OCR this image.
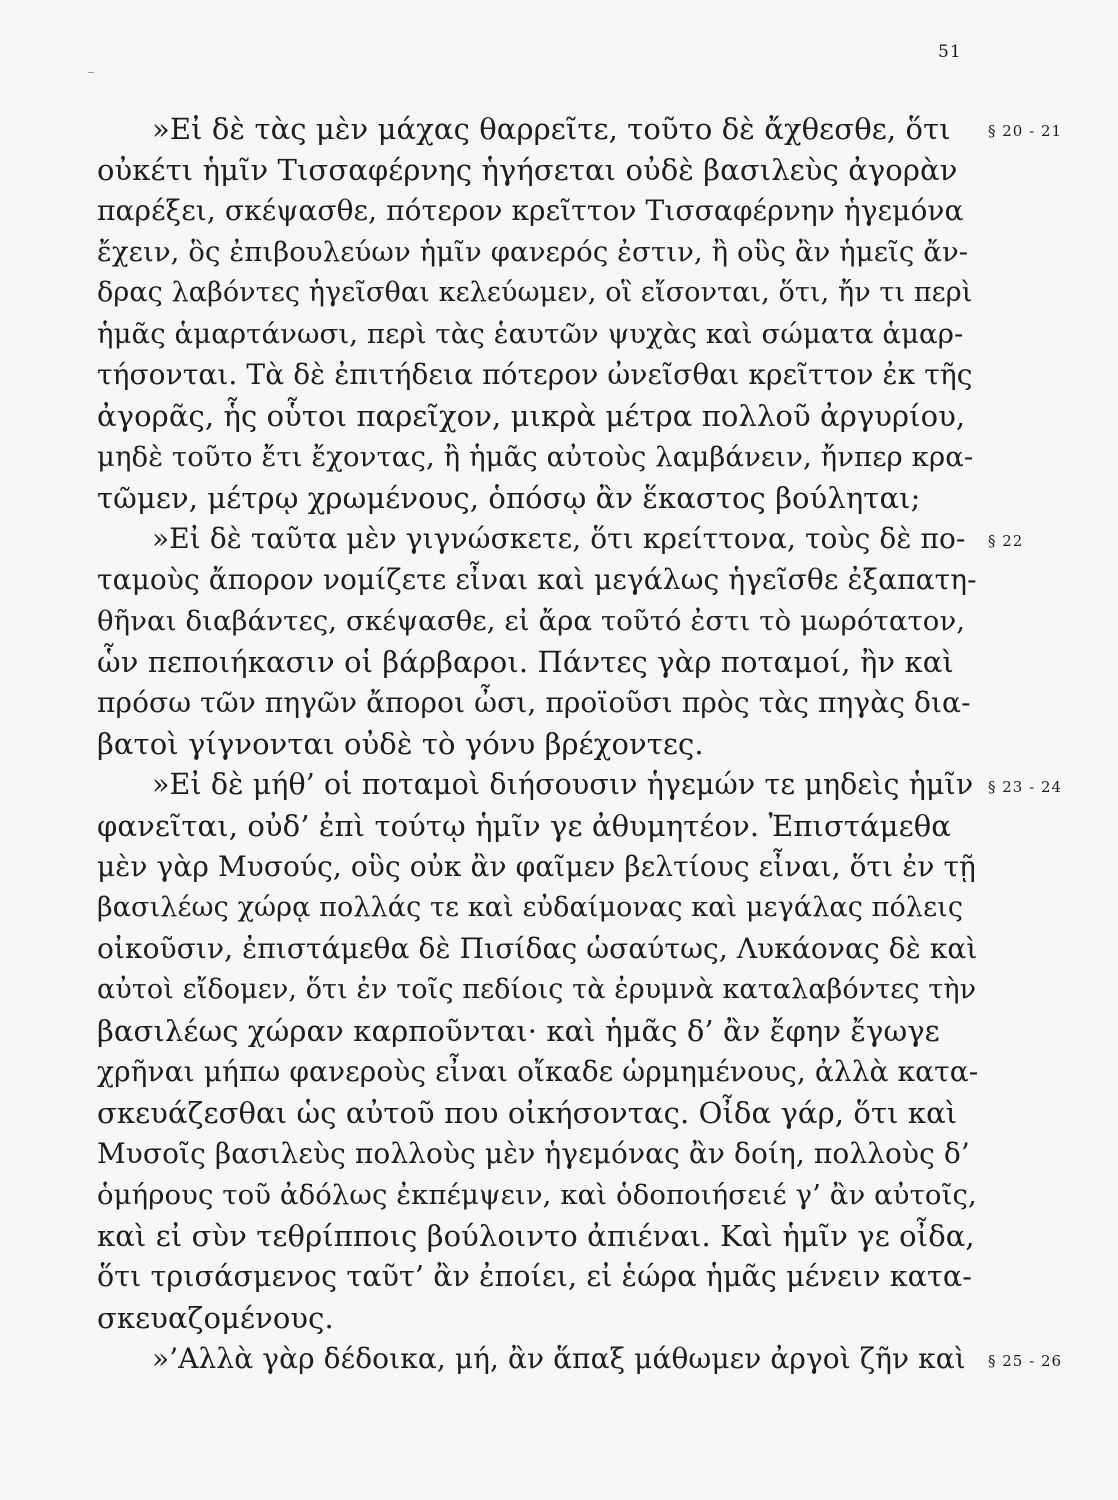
51
»Εἰ δὲ τὰς μὲν μάχας θαρρεῖτε, τοῦτο δὲ ἄχθεσθε, ὅτι
οὐκέτι ἡμῖν Τισσαφέρνης ἡγήσεται οὐδὲ βασιλεὺς ἀγορὰν
παρέξει, σκέψασθε, πότερον κρεῖττον Τισσαφέρνην ἡγεμόνα
ἔχειν, ὃς ἐπιβουλεύων ἡμῖν φανερός ἐστιν, ἢ οὓς ἂν ἡμεῖς ἄν-
δρας λαβόντες ἡγεῖσθαι κελεύωμεν, οἳ εἴσονται, ὅτι, ἤν τι περὶ
ἡμᾶς ἁμαρτάνωσι, περὶ τὰς ἑαυτῶν ψυχὰς καὶ σώματα ἁμαρ-
τήσονται. Τὰ δὲ ἐπιτήδεια πότερον ὠνεῖσθαι κρεῖττον ἐκ τῆς
ἀγορᾶς, ἧς οὗτοι παρεῖχον, μικρὰ μέτρα πολλοῦ ἀργυρίου,
μηδὲ τοῦτο ἔτι ἔχοντας, ἢ ἡμᾶς αὐτοὺς λαμβάνειν, ἤνπερ κρα-
τῶμεν, μέτρῳ χρωμένους, ὁπόσῳ ἂν ἕκαστος βούληται;
»Εἰ δὲ ταῦτα μὲν γιγνώσκετε, ὅτι κρείττονα, τοὺς δὲ πο-
ταμοὺς ἄπορον νομίζετε εἶναι καὶ μεγάλως ἡγεῖσθε ἐξαπατη-
θῆναι διαβάντες, σκέψασθε, εἰ ἄρα τοῦτό ἐστι τὸ μωρότατον,
ὧν πεποιήκασιν οἱ βάρβαροι. Πάντες γὰρ ποταμοί, ἢν καὶ
πρόσω τῶν πηγῶν ἄποροι ὦσι, προϊοῦσι πρὸς τὰς πηγὰς δια-
βατοὶ γίγνονται οὐδὲ τὸ γόνυ βρέχοντες.
»Εἰ δὲ μήθ’ οἱ ποταμοὶ διήσουσιν ἡγεμών τε μηδεὶς ἡμῖν
φανεῖται, οὐδ’ ἐπὶ τούτῳ ἡμῖν γε ἀθυμητέον. Ἐπιστάμεθα
μὲν γὰρ Μυσούς, οὓς οὐκ ἂν φαῖμεν βελτίους εἶναι, ὅτι ἐν τῇ
βασιλέως χώρᾳ πολλάς τε καὶ εὐδαίμονας καὶ μεγάλας πόλεις
οἰκοῦσιν, ἐπιστάμεθα δὲ Πισίδας ὡσαύτως, Λυκάονας δὲ καὶ
αὐτοὶ εἴδομεν, ὅτι ἐν τοῖς πεδίοις τὰ ἐρυμνὰ καταλαβόντες τὴν
βασιλέως χώραν καρποῦνται· καὶ ἡμᾶς δ’ ἂν ἔφην ἔγωγε
χρῆναι μήπω φανεροὺς εἶναι οἴκαδε ὡρμημένους, ἀλλὰ κατα-
σκευάζεσθαι ὡς αὐτοῦ που οἰκήσοντας. Οἶδα γάρ, ὅτι καὶ
Μυσοῖς βασιλεὺς πολλοὺς μὲν ἡγεμόνας ἂν δοίη, πολλοὺς δ’
ὁμήρους τοῦ ἀδόλως ἐκπέμψειν, καὶ ὁδοποιήσειέ γ’ ἂν αὐτοῖς,
καὶ εἰ σὺν τεθρίπποις βούλοιντο ἀπιέναι. Καὶ ἡμῖν γε οἶδα,
ὅτι τρισάσμενος ταῦτ’ ἂν ἐποίει, εἰ ἑώρα ἡμᾶς μένειν κατα-
σκευαζομένους.
»’Αλλὰ γὰρ δέδοικα, μή, ἂν ἅπαξ μάθωμεν ἀργοὶ ζῆν καὶ
§ 20 - 21
§ 22
§ 23 - 24
§ 25 - 26
